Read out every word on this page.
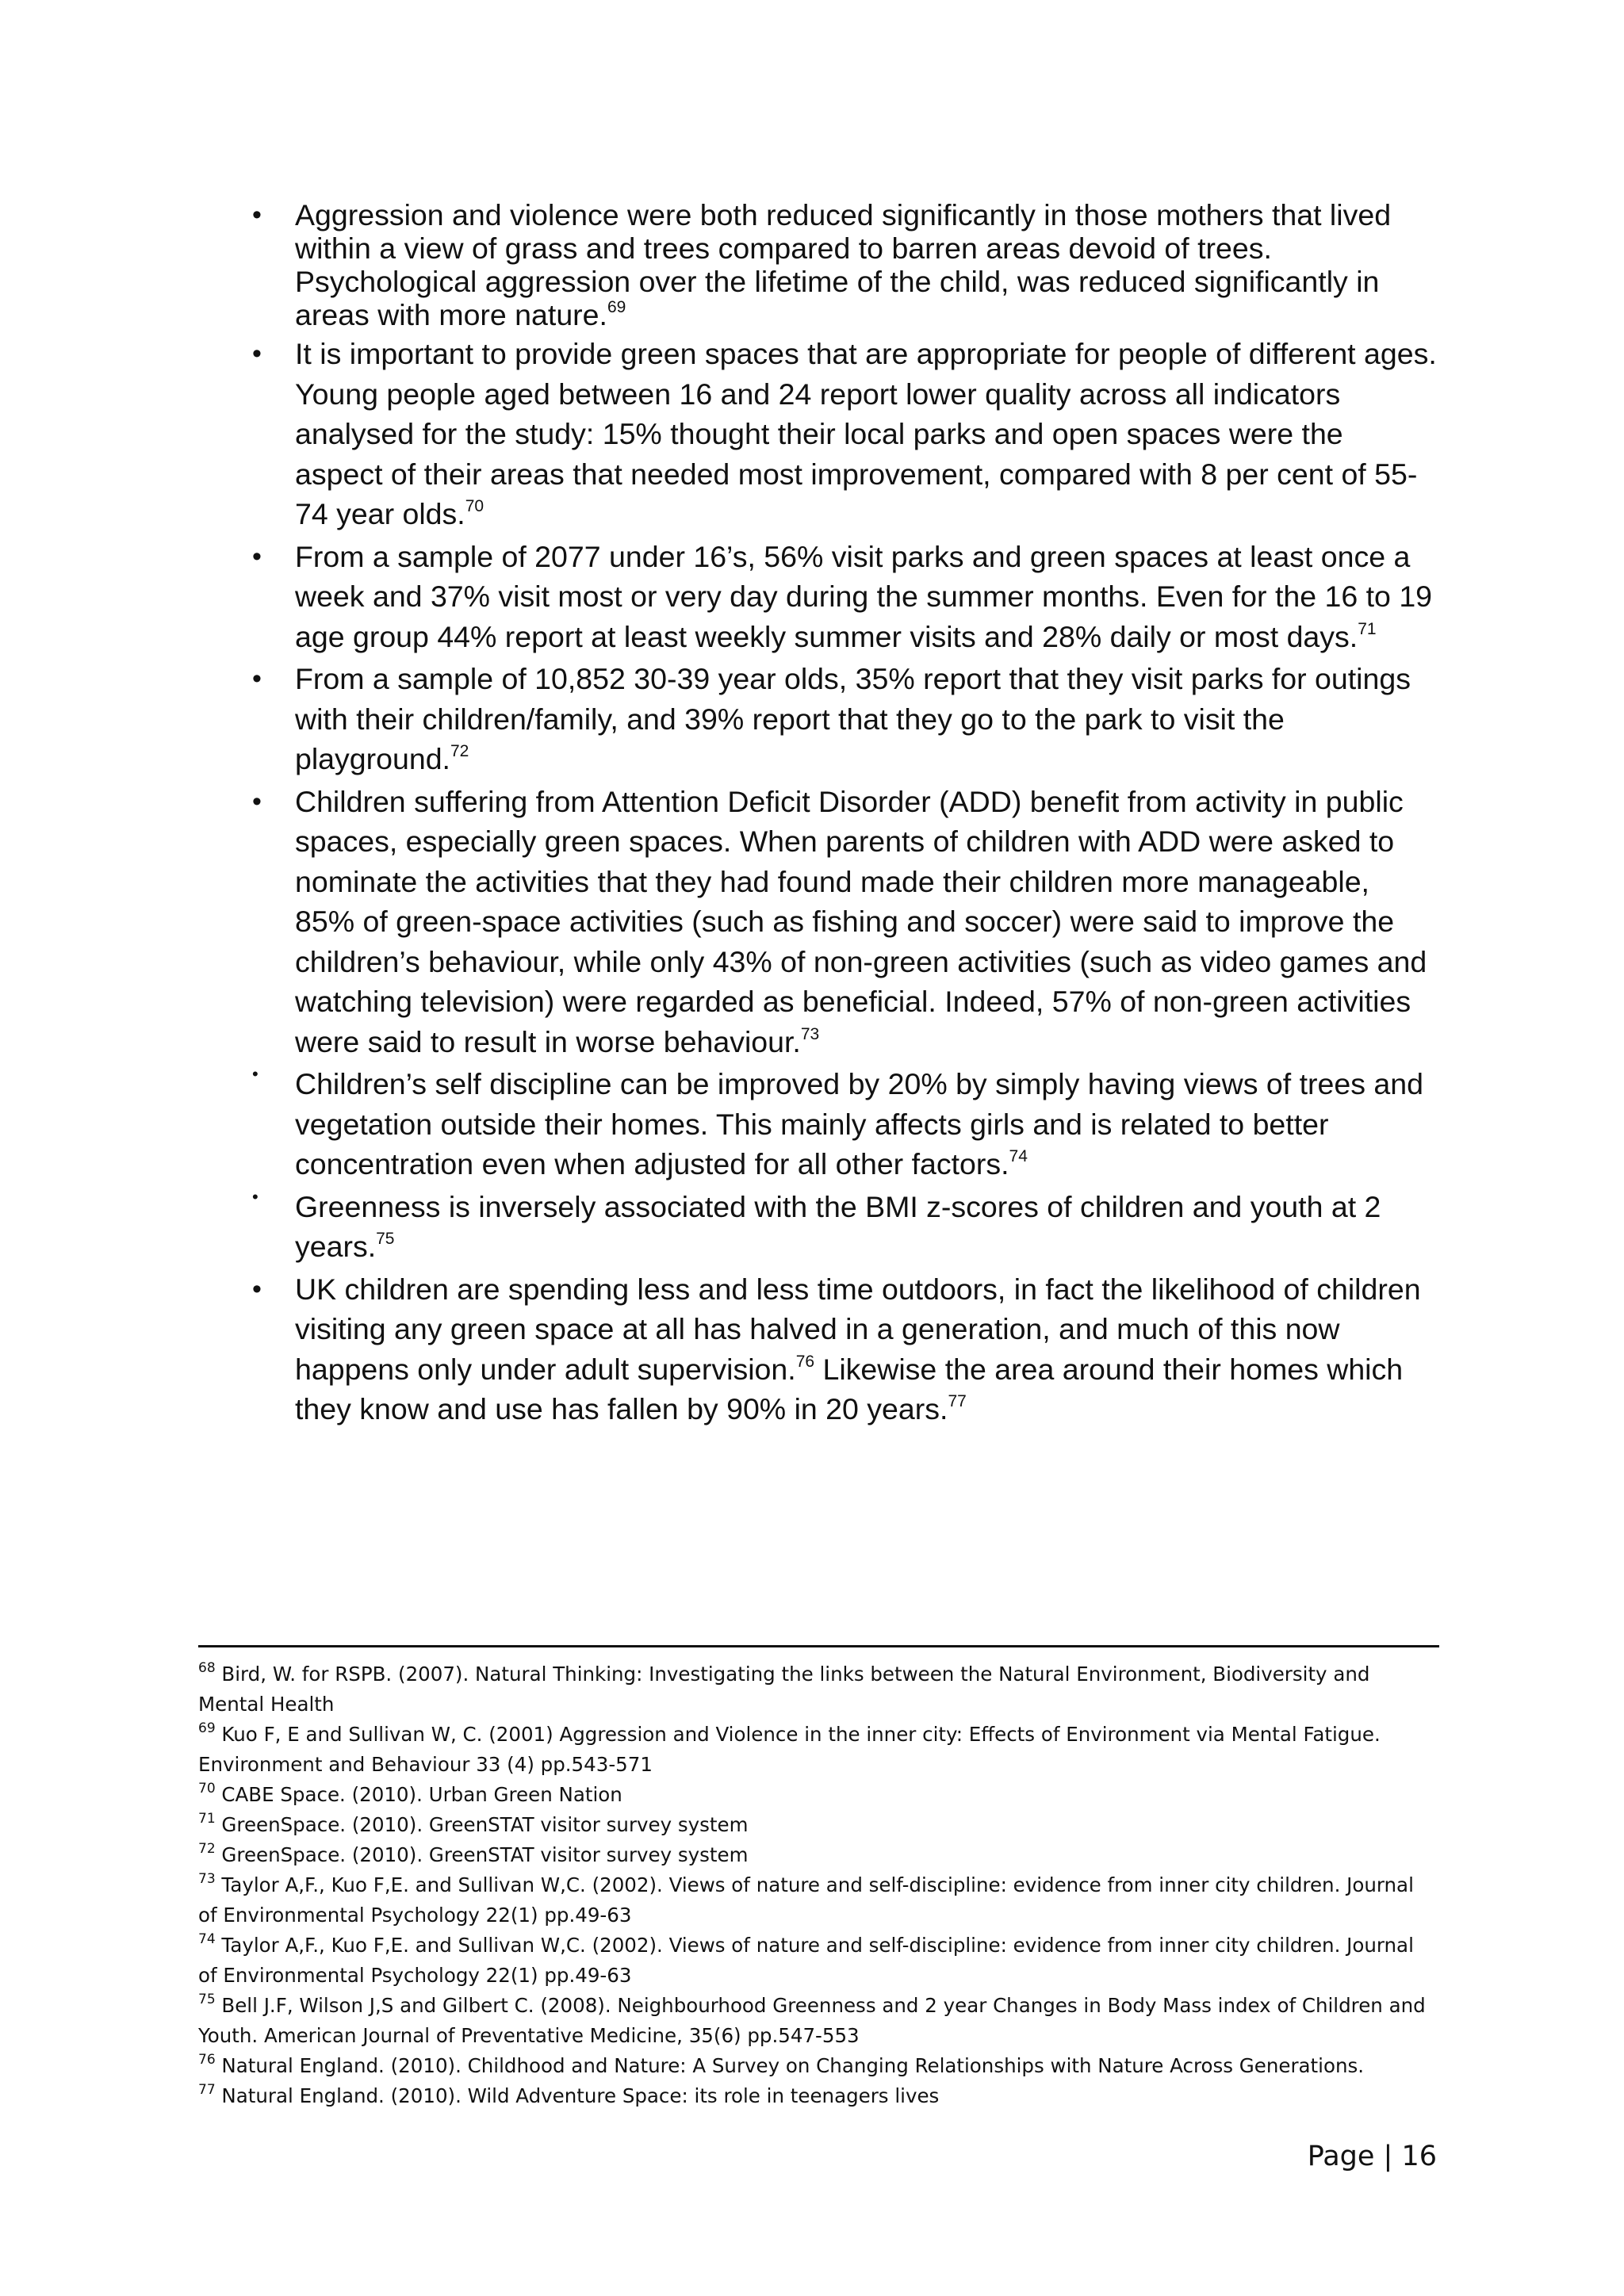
• Aggression and violence were both reduced significantly in those mothers that lived within a view of grass and trees compared to barren areas devoid of trees. Psychological aggression over the lifetime of the child, was reduced significantly in areas with more nature.$^{69}$
• It is important to provide green spaces that are appropriate for people of different ages. Young people aged between 16 and 24 report lower quality across all indicators analysed for the study: 15% thought their local parks and open spaces were the aspect of their areas that needed most improvement, compared with 8 per cent of 55-74 year olds.$^{70}$
• From a sample of 2077 under 16’s, 56% visit parks and green spaces at least once a week and 37% visit most or very day during the summer months. Even for the 16 to 19 age group 44% report at least weekly summer visits and 28% daily or most days.$^{71}$
• From a sample of 10,852 30-39 year olds, 35% report that they visit parks for outings with their children/family, and 39% report that they go to the park to visit the playground.$^{72}$
• Children suffering from Attention Deficit Disorder (ADD) benefit from activity in public spaces, especially green spaces. When parents of children with ADD were asked to nominate the activities that they had found made their children more manageable, 85% of green-space activities (such as fishing and soccer) were said to improve the children’s behaviour, while only 43% of non-green activities (such as video games and watching television) were regarded as beneficial. Indeed, 57% of non-green activities were said to result in worse behaviour.$^{73}$
• Children’s self discipline can be improved by 20% by simply having views of trees and vegetation outside their homes. This mainly affects girls and is related to better concentration even when adjusted for all other factors.$^{74}$
• Greenness is inversely associated with the BMI z-scores of children and youth at 2 years.$^{75}$
• UK children are spending less and less time outdoors, in fact the likelihood of children visiting any green space at all has halved in a generation, and much of this now happens only under adult supervision.$^{76}$ Likewise the area around their homes which they know and use has fallen by 90% in 20 years.$^{77}$

$^{68}$ Bird, W. for RSPB. (2007). Natural Thinking: Investigating the links between the Natural Environment, Biodiversity and Mental Health

$^{69}$ Kuo F, E and Sullivan W, C. (2001) Aggression and Violence in the inner city: Effects of Environment via Mental Fatigue. Environment and Behaviour 33 (4) pp.543-571

$^{70}$ CABE Space. (2010). Urban Green Nation

$^{71}$ GreenSpace. (2010). GreenSTAT visitor survey system

$^{72}$ GreenSpace. (2010). GreenSTAT visitor survey system

$^{73}$ Taylor A,F., Kuo F,E. and Sullivan W,C. (2002). Views of nature and self-discipline: evidence from inner city children. Journal of Environmental Psychology 22(1) pp.49-63

$^{74}$ Taylor A,F., Kuo F,E. and Sullivan W,C. (2002). Views of nature and self-discipline: evidence from inner city children. Journal of Environmental Psychology 22(1) pp.49-63

$^{75}$ Bell J.F, Wilson J,S and Gilbert C. (2008). Neighbourhood Greenness and 2 year Changes in Body Mass index of Children and Youth. American Journal of Preventative Medicine, 35(6) pp.547-553

$^{76}$ Natural England. (2010). Childhood and Nature: A Survey on Changing Relationships with Nature Across Generations.

$^{77}$ Natural England. (2010). Wild Adventure Space: its role in teenagers lives

Page | 16
